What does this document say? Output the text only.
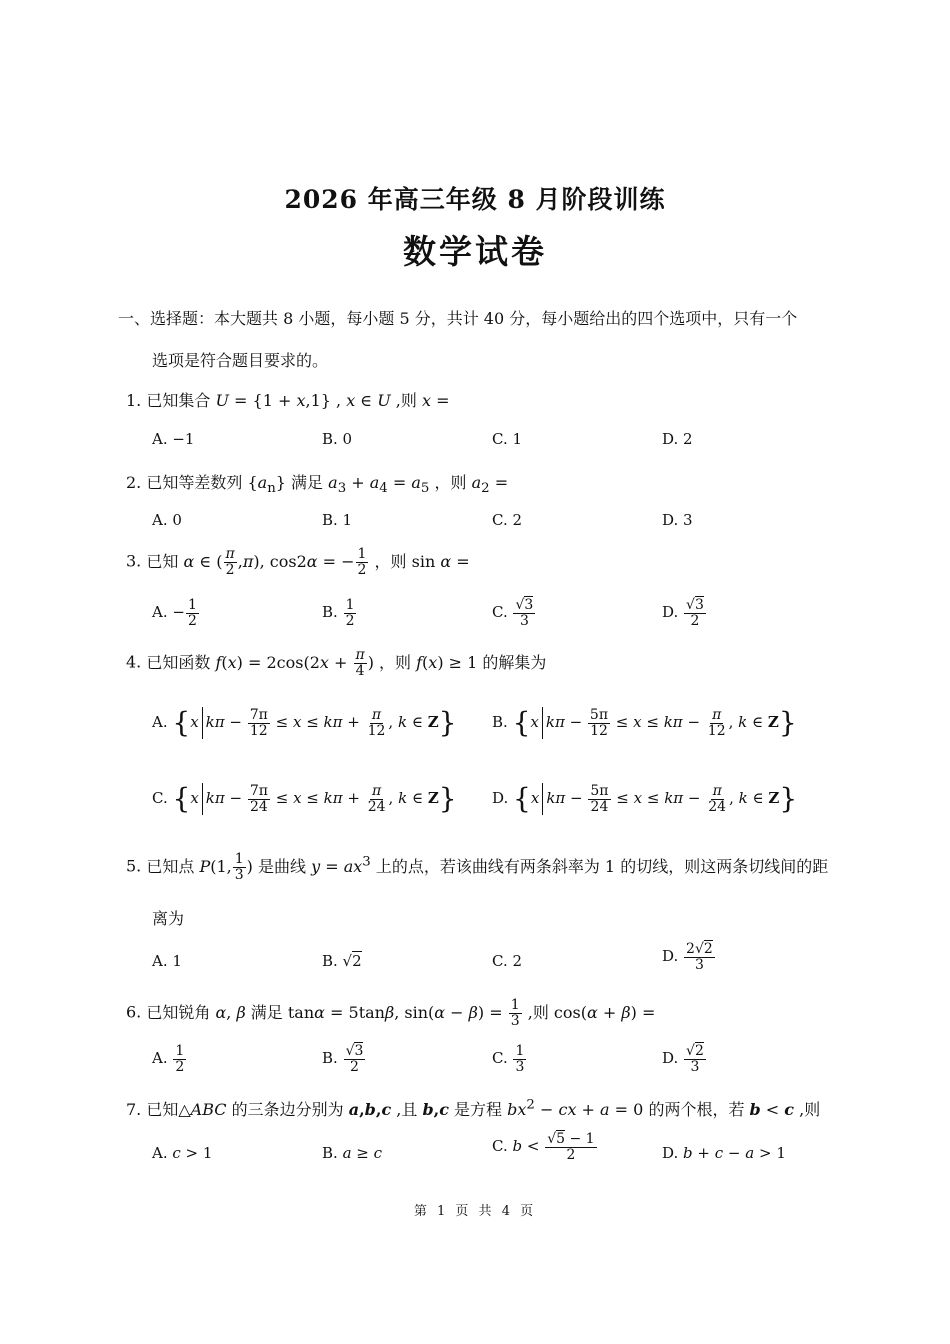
2026 年高三年级 8 月阶段训练
数学试卷
一、选择题：本大题共 8 小题，每小题 5 分，共计 40 分，每小题给出的四个选项中，只有一个
选项是符合题目要求的。
1. 已知集合 U = {1 + x,1} , x ∈ U ,则 x =
A. −1	B. 0	C. 1	D. 2
2. 已知等差数列 $\{a_n\}$ 满足 $a_3 + a_4 = a_5$ ，则 $a_2$ =
A. 0	B. 1	C. 2	D. 3
3. 已知 α ∈ ( $\frac{\pi}{2} ,\pi$), cos2α = − $\frac{1}{2}$ ，则 sin α =
A. − $\frac{1}{2}$	B. $\frac{1}{2}$	C. $\frac{√3}{3}$	D. $\frac{√3}{2}$
4. 已知函数 $f(x) = 2\cos(2x + \frac{\pi}{4}$ ) ，则 f(x) ≥ 1 的解集为
A. {x $k\pi - \frac{7\pi}{12} \le x \le k\pi + \frac{\pi}{12}$ , k ∈ Z} B. {x $k\pi - \frac{5\pi}{12} \le x \le k\pi - \frac{\pi}{12}$ , k ∈ Z}
C. {x $k\pi - \frac{7\pi}{24} \le x \le k\pi + \frac{\pi}{24}$ , k ∈ Z} D. {x $k\pi - \frac{5\pi}{24} \le x \le k\pi - \frac{\pi}{24}$ , k ∈ Z}
5. 已知点 P(1, $\frac{1}{3}$ ) 是曲线 $y = ax^3$ 上的点，若该曲线有两条斜率为 1 的切线，则这两条切线间的距
离为
A. 1	B. √2	C. 2	D. $\frac{2√2}{3}$
6. 已知锐角 α, β 满足 tanα = 5tanβ, $\sin(\alpha - \beta) = \frac{1}{3}$ ,则 cos(α + β) =
A. $\frac{1}{2}$	B. $\frac{√3}{2}$	C. $\frac{1}{3}$	D. $\frac{√2}{3}$
7. 已知△ABC 的三条边分别为 a,b,c ,且 b,c 是方程 $bx^2$ − cx + a = 0 的两个根，若 b < c ,则
A. c > 1	B. a ≥ c	C. $b < \frac{√5 - 1}{2}$	D. b + c − a > 1
第 1 页 共 4 页
